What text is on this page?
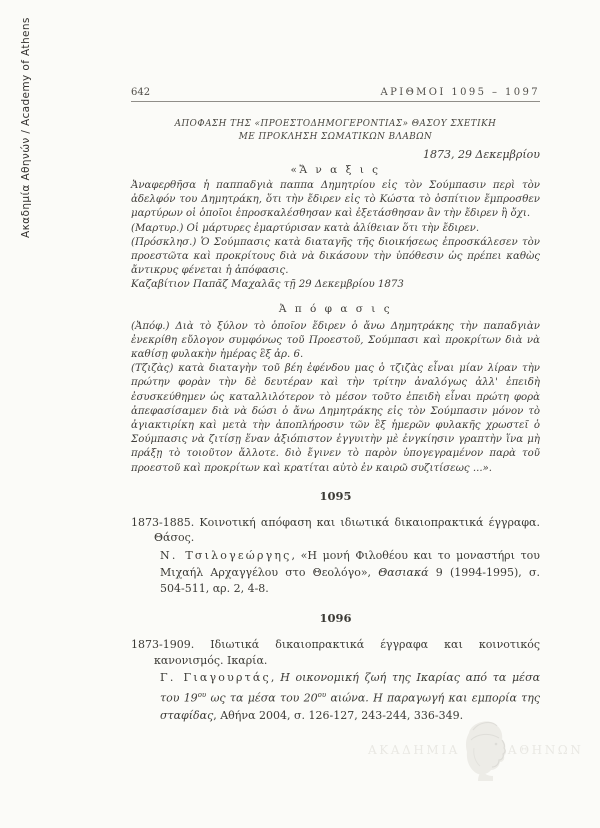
Ακαδημία Αθηνών / Academy of Athens	642	ΑΡΙΘΜΟΙ 1095 – 1097
ΑΠΟΦΑΣΗ ΤΗΣ «ΠΡΟΕΣΤΟΔΗΜΟΓΕΡΟΝΤΙΑΣ» ΘΑΣΟΥ ΣΧΕΤΙΚΗ
ΜΕ ΠΡΟΚΛΗΣΗ ΣΩΜΑΤΙΚΩΝ ΒΛΑΒΩΝ
1873, 29 Δεκεμβρίου
«Ἄ ν α ξ ι ς

Ἀναφερθῆσα ἡ παππαδγιὰ παππα Δημητρίου εἰς τὸν Σούμπασιν περὶ τὸν ἀδελφόν του Δημητράκη, ὅτι τὴν ἔδιρεν εἰς τὸ Κώστα τὸ ὁσπίτιον ἔμπροσθεν μαρτύρων οἱ ὁποῖοι ἐπροσκαλέσθησαν καὶ ἐξετάσθησαν ἂν τὴν ἔδιρεν ἢ ὄχι.

(Μαρτυρ.) Οἱ μάρτυρες ἐμαρτύρισαν κατὰ ἀλίθειαν ὅτι τὴν ἔδιρεν.

(Πρόσκλησ.) Ὁ Σούμπασις κατὰ διαταγῆς τῆς διοικήσεως ἐπροσκάλεσεν τὸν προεστῶτα καὶ προκρίτους διὰ νὰ δικάσουν τὴν ὑπόθεσιν ὡς πρέπει καθὼς ἄντικρυς φένεται ἡ ἀπόφασις.

Καζαβίτιον Παπᾶζ Μαχαλᾶς τῇ 29 Δεκεμβρίου 1873

Ἀ π ό φ α σ ι ς

(Ἀπόφ.) Διὰ τὸ ξύλον τὸ ὁποῖον ἔδιρεν ὁ ἄνω Δημητράκης τὴν παπαδγιὰν ἐνεκρίθη εὔλογον συμφόνως τοῦ Προεστοῦ, Σούμπασι καὶ προκρίτων διὰ νὰ καθίσῃ φυλακὴν ἡμέρας ἓξ ἀρ. 6.

(Τζιζὰς) κατὰ διαταγὴν τοῦ βέη ἐφένδου μας ὁ τζιζὰς εἶναι μίαν λίραν τὴν πρώτην φορὰν τὴν δὲ δευτέραν καὶ τὴν τρίτην ἀναλόγως ἀλλ' ἐπειδὴ ἐσυσκεύθημεν ὡς καταλλιλότερον τὸ μέσον τοῦτο ἐπειδὴ εἶναι πρώτη φορὰ ἀπεφασίσαμεν διὰ νὰ δώσι ὁ ἄνω Δημητράκης εἰς τὸν Σούμπασιν μόνον τὸ ἀγιακτιρίκη καὶ μετὰ τὴν ἀποπλήροσιν τῶν ἓξ ἡμερῶν φυλακῆς χρωστεῖ ὁ Σούμπασις νὰ ζιτίσῃ ἕναν ἀξιόπιστον ἐγγυιτὴν μὲ ἐνγκίησιν γραπτὴν ἵνα μὴ πράξῃ τὸ τοιοῦτον ἄλλοτε. διὸ ἔγινεν τὸ παρὸν ὑπογεγραμένον παρὰ τοῦ προεστοῦ καὶ προκρίτων καὶ κρατίται αὐτὸ ἐν καιρῶ συζιτίσεως ...».

1095
1873-1885. Κοινοτική απόφαση και ιδιωτικά δικαιοπρακτικά έγγραφα. Θάσος.
Ν. Τσιλογεώργης, «Η μονή Φιλοθέου και το μοναστήρι του Μιχαήλ Αρχαγγέλου στο Θεολόγο», Θασιακά 9 (1994-1995), σ. 504-511, αρ. 2, 4-8.
1096
1873-1909. Ιδιωτικά δικαιοπρακτικά έγγραφα και κοινοτικός κανονισμός. Ικαρία.
Γ. Γιαγουρτάς, Η οικονομική ζωή της Ικαρίας από τα μέσα του $19^{o\upsilon}$ ως τα μέσα του $20^{o\upsilon}$ αιώνα. Η παραγωγή και εμπορία της σταφίδας, Αθήνα 2004, σ. 126-127, 243-244, 336-349.
ΑΚΑΔΗΜΙΑ	ΑΘΗΝΩΝ
